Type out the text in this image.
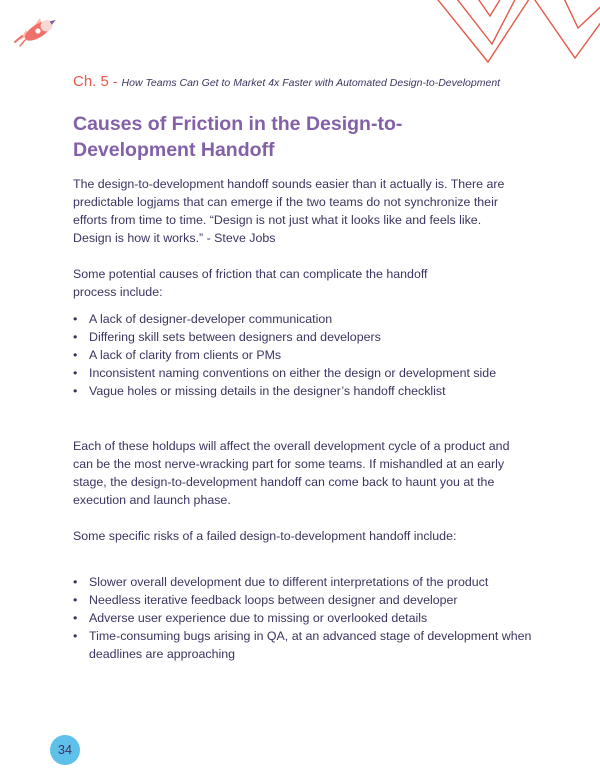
Ch. 5 - How Teams Can Get to Market 4x Faster with Automated Design-to-Development
Causes of Friction in the Design-to-
Development Handoff

The design-to-development handoff sounds easier than it actually is. There are predictable logjams that can emerge if the two teams do not synchronize their efforts from time to time. “Design is not just what it looks like and feels like. Design is how it works.” - Steve Jobs

Some potential causes of friction that can complicate the handoff process include:

• A lack of designer-developer communication
• Differing skill sets between designers and developers
• A lack of clarity from clients or PMs
• Inconsistent naming conventions on either the design or development side
• Vague holes or missing details in the designer’s handoff checklist

Each of these holdups will affect the overall development cycle of a product and can be the most nerve-wracking part for some teams. If mishandled at an early stage, the design-to-development handoff can come back to haunt you at the execution and launch phase.

Some specific risks of a failed design-to-development handoff include:

• Slower overall development due to different interpretations of the product
• Needless iterative feedback loops between designer and developer
• Adverse user experience due to missing or overlooked details
• Time-consuming bugs arising in QA, at an advanced stage of development when deadlines are approaching
34
